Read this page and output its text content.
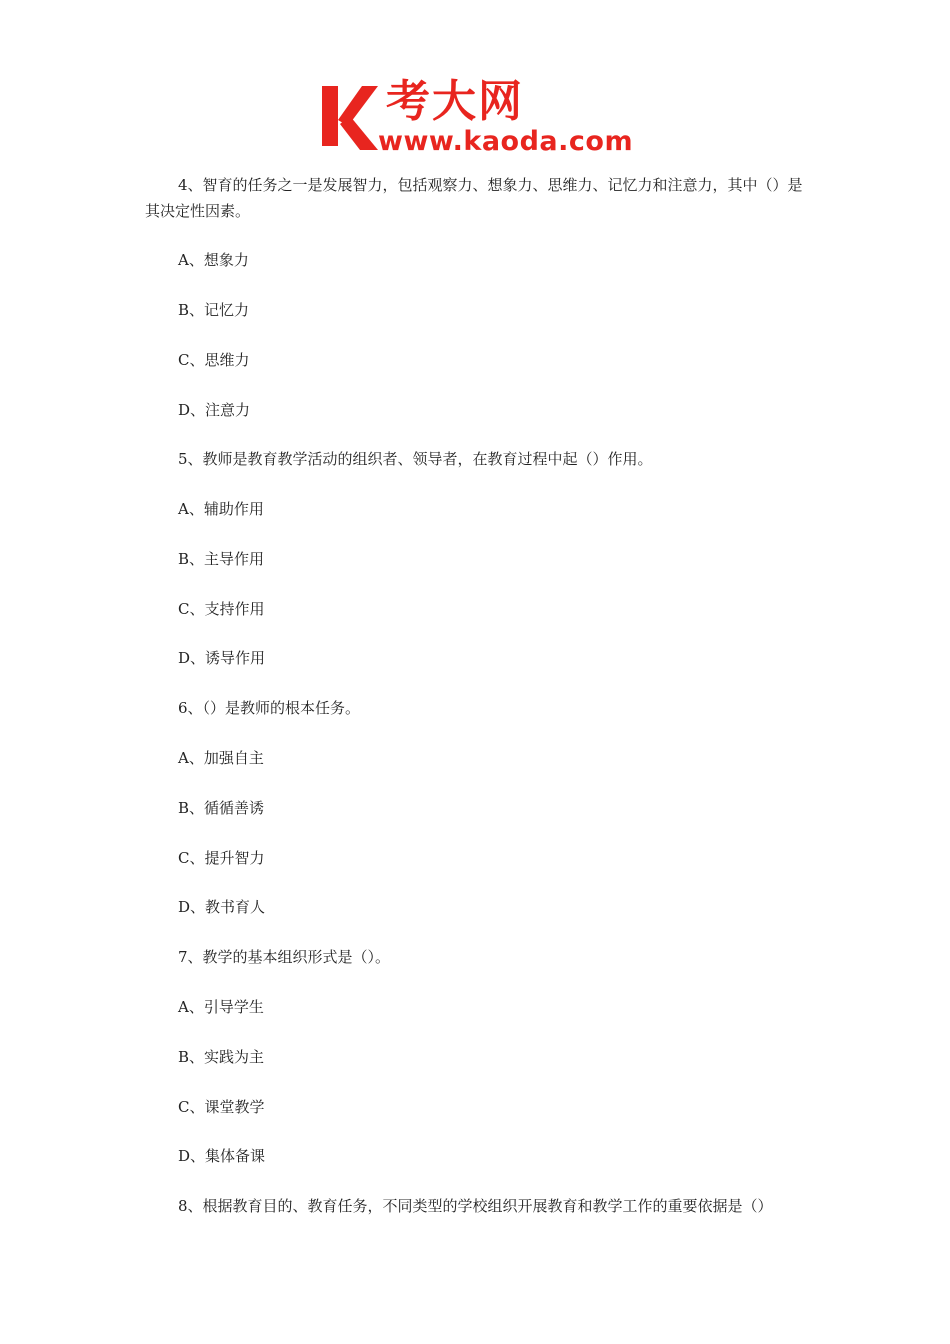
考大网
www.kaoda.com
4、智育的任务之一是发展智力，包括观察力、想象力、思维力、记忆力和注意力，其中（）是其决定性因素。
A、想象力
B、记忆力
C、思维力
D、注意力
5、教师是教育教学活动的组织者、领导者，在教育过程中起（）作用。
A、辅助作用
B、主导作用
C、支持作用
D、诱导作用
6、（）是教师的根本任务。
A、加强自主
B、循循善诱
C、提升智力
D、教书育人
7、教学的基本组织形式是（）。
A、引导学生
B、实践为主
C、课堂教学
D、集体备课
8、根据教育目的、教育任务，不同类型的学校组织开展教育和教学工作的重要依据是（）
